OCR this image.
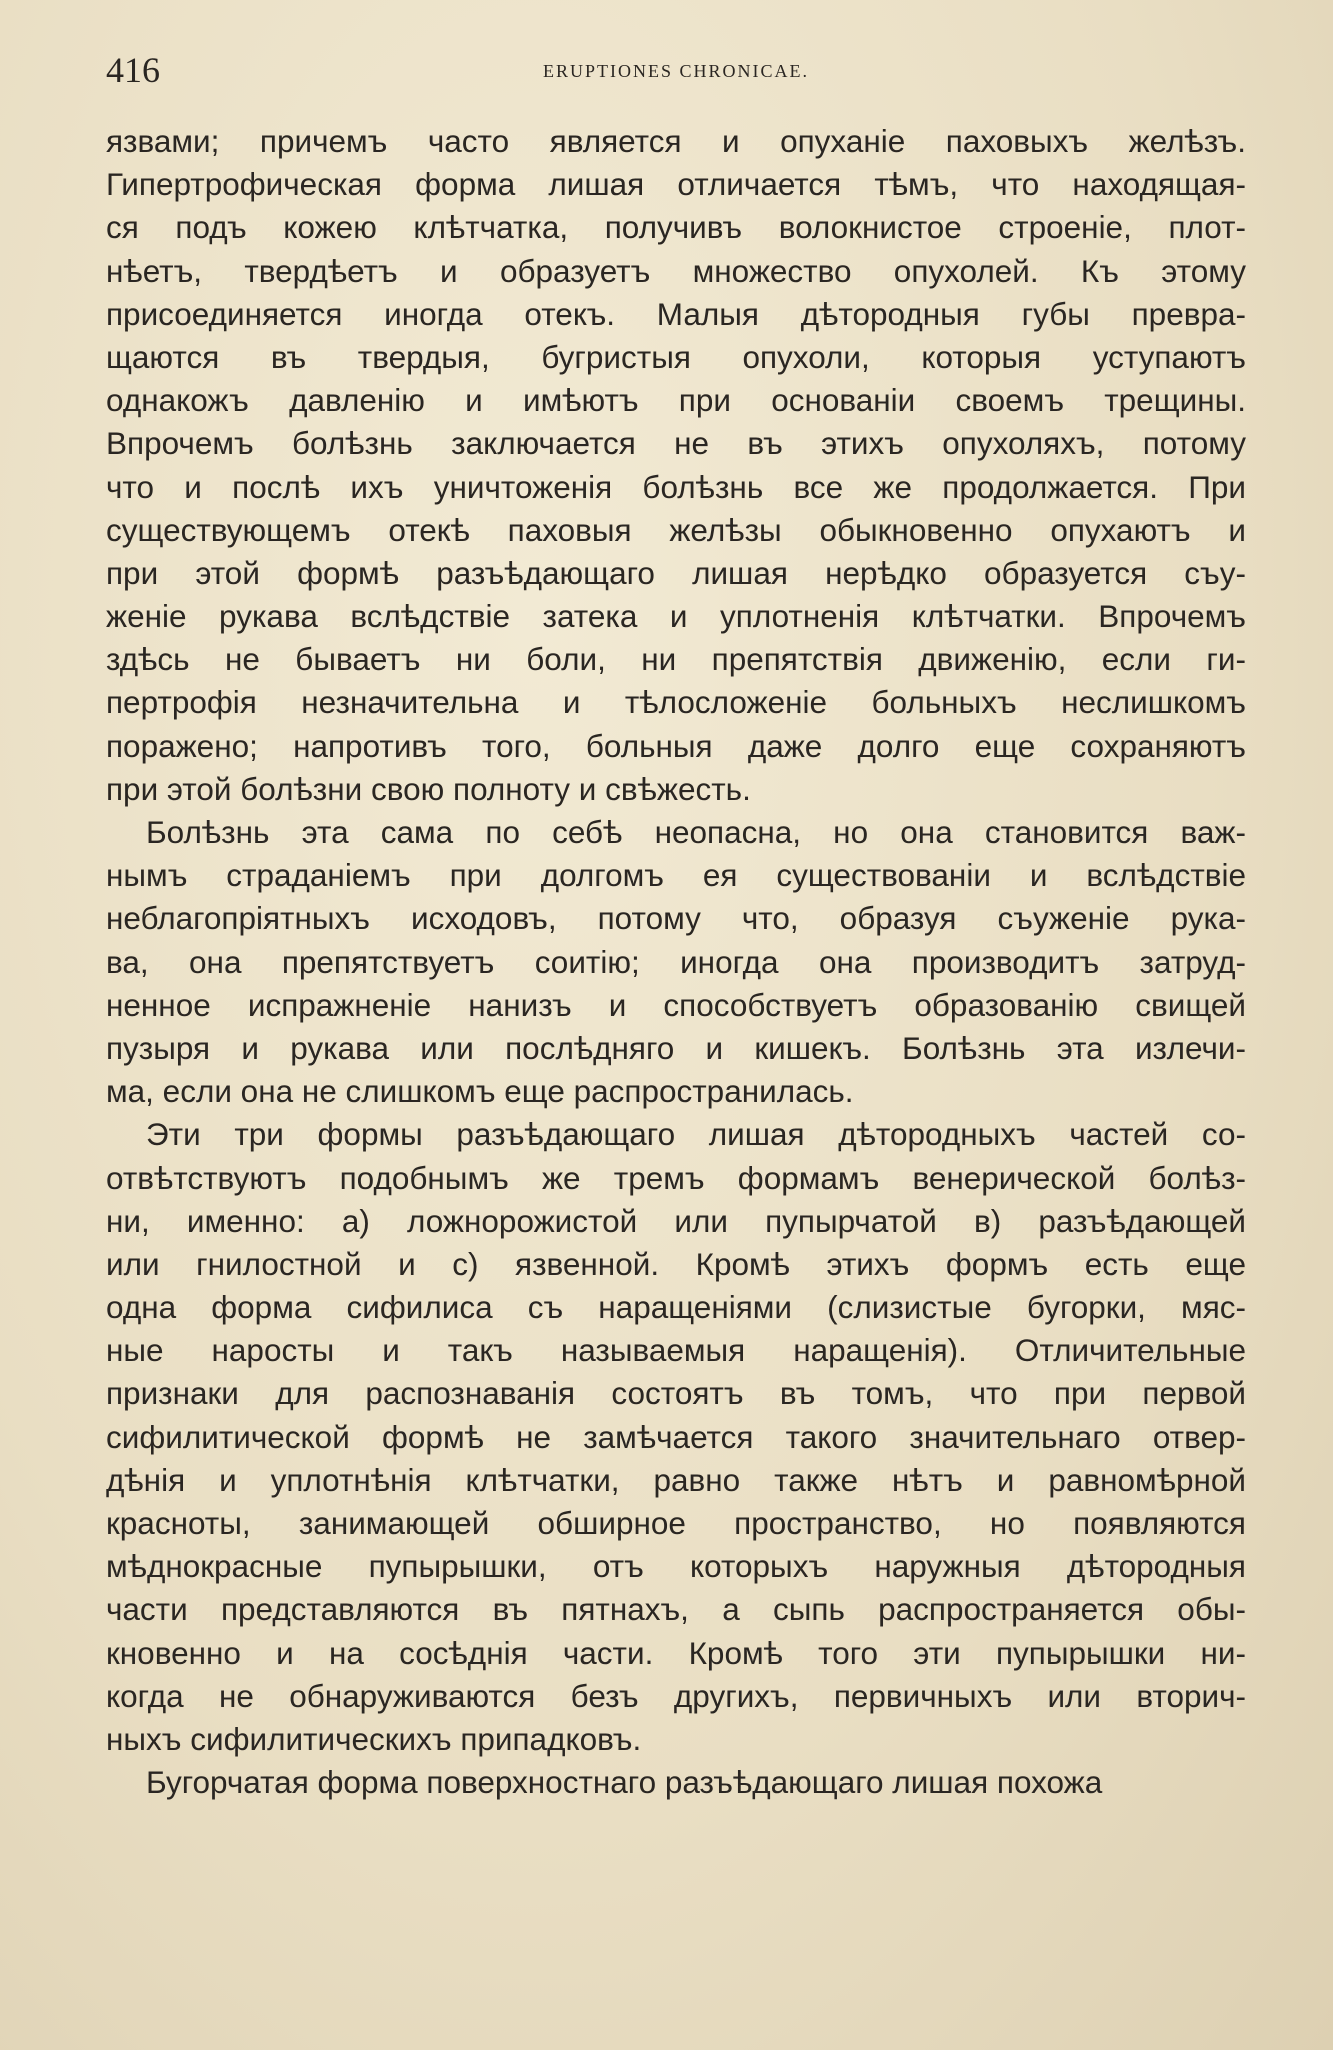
416	ERUPTIONES CHRONICAE.
язвами; причемъ часто является и опуханіе паховыхъ желѣзъ.
Гипертрофическая форма лишая отличается тѣмъ, что находящая-
ся подъ кожею клѣтчатка, получивъ волокнистое строеніе, плот-
нѣетъ, твердѣетъ и образуетъ множество опухолей. Къ этому
присоединяется иногда отекъ. Малыя дѣтородныя губы превра-
щаются въ твердыя, бугристыя опухоли, которыя уступаютъ
однакожъ давленію и имѣютъ при основаніи своемъ трещины.
Впрочемъ болѣзнь заключается не въ этихъ опухоляхъ, потому
что и послѣ ихъ уничтоженія болѣзнь все же продолжается. При
существующемъ отекѣ паховыя желѣзы обыкновенно опухаютъ и
при этой формѣ разъѣдающаго лишая нерѣдко образуется съу-
женіе рукава вслѣдствіе затека и уплотненія клѣтчатки. Впрочемъ
здѣсь не бываетъ ни боли, ни препятствія движенію, если ги-
пертрофія незначительна и тѣлосложеніе больныхъ неслишкомъ
поражено; напротивъ того, больныя даже долго еще сохраняютъ
при этой болѣзни свою полноту и свѣжесть.
Болѣзнь эта сама по себѣ неопасна, но она становится важ-
нымъ страданіемъ при долгомъ ея существованіи и вслѣдствіе
неблагопріятныхъ исходовъ, потому что, образуя съуженіе рука-
ва, она препятствуетъ соитію; иногда она производитъ затруд-
ненное испражненіе нанизъ и способствуетъ образованію свищей
пузыря и рукава или послѣдняго и кишекъ. Болѣзнь эта излечи-
ма, если она не слишкомъ еще распространилась.
Эти три формы разъѣдающаго лишая дѣтородныхъ частей со-
отвѣтствуютъ подобнымъ же тремъ формамъ венерической болѣз-
ни, именно: a) ложнорожистой или пупырчатой в) разъѣдающей
или гнилостной и с) язвенной. Кромѣ этихъ формъ есть еще
одна форма сифилиса съ наращеніями (слизистые бугорки, мяс-
ные наросты и такъ называемыя наращенія). Отличительные
признаки для распознаванія состоятъ въ томъ, что при первой
сифилитической формѣ не замѣчается такого значительнаго отвер-
дѣнія и уплотнѣнія клѣтчатки, равно также нѣтъ и равномѣрной
красноты, занимающей обширное пространство, но появляются
мѣднокрасные пупырышки, отъ которыхъ наружныя дѣтородныя
части представляются въ пятнахъ, а сыпь распространяется обы-
кновенно и на сосѣднія части. Кромѣ того эти пупырышки ни-
когда не обнаруживаются безъ другихъ, первичныхъ или вторич-
ныхъ сифилитическихъ припадковъ.
Бугорчатая форма поверхностнаго разъѣдающаго лишая похожа
